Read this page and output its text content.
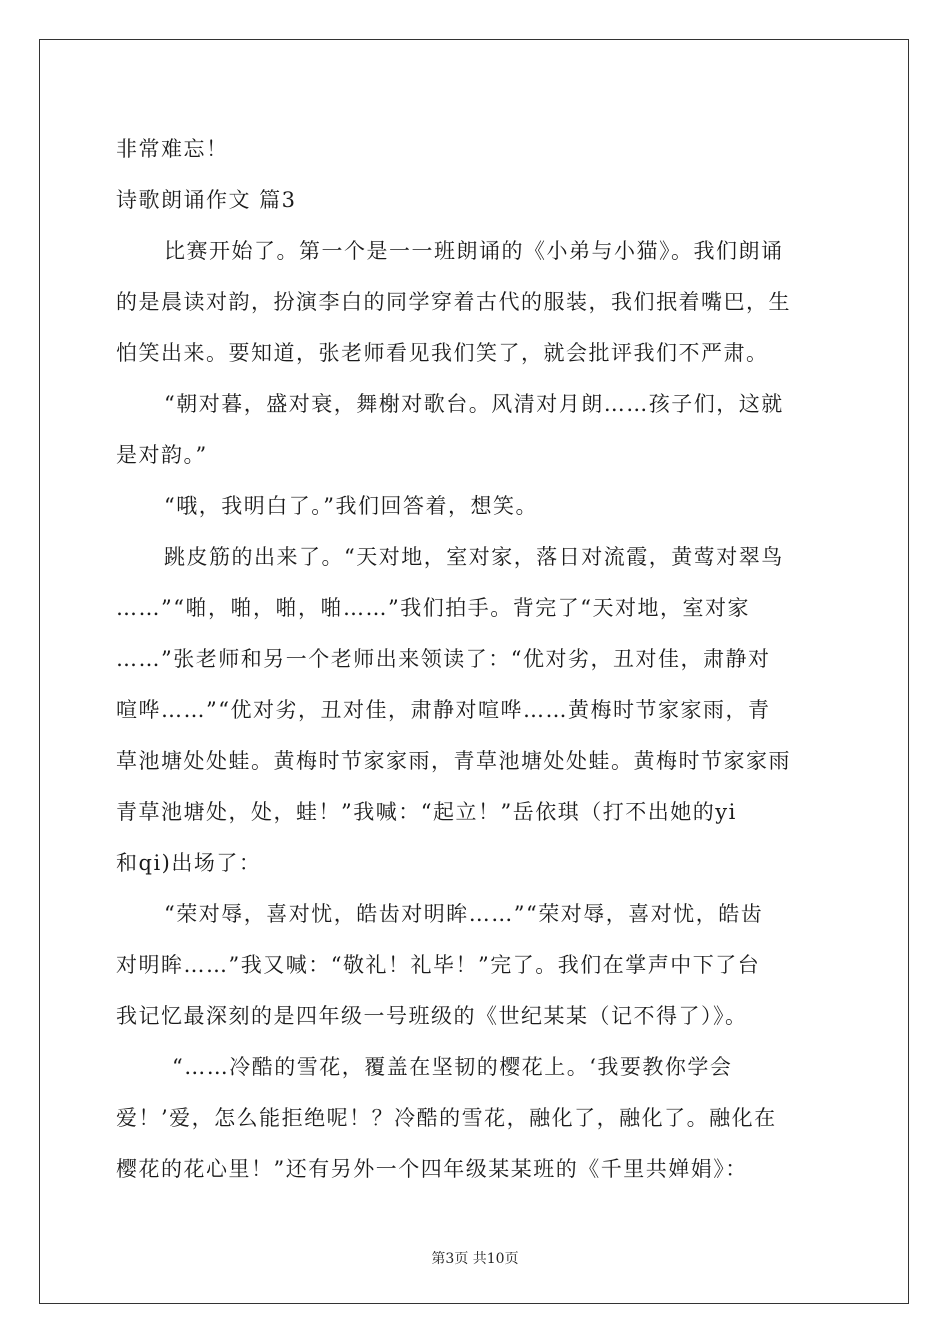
非常难忘！
诗歌朗诵作文 篇3
比赛开始了。第一个是一一班朗诵的《小弟与小猫》。我们朗诵
的是晨读对韵，扮演李白的同学穿着古代的服装，我们抿着嘴巴，生
怕笑出来。要知道，张老师看见我们笑了，就会批评我们不严肃。
“朝对暮，盛对衰，舞榭对歌台。风清对月朗……孩子们，这就
是对韵。”
“哦，我明白了。”我们回答着，想笑。
跳皮筋的出来了。“天对地，室对家，落日对流霞，黄莺对翠鸟
……”“啪，啪，啪，啪……”我们拍手。背完了“天对地，室对家
……”张老师和另一个老师出来领读了：“优对劣，丑对佳，肃静对
喧哗……”“优对劣，丑对佳，肃静对喧哗……黄梅时节家家雨，青
草池塘处处蛙。黄梅时节家家雨，青草池塘处处蛙。黄梅时节家家雨
青草池塘处，处，蛙！”我喊：“起立！”岳依琪（打不出她的yi
和qi)出场了：
“荣对辱，喜对忧，皓齿对明眸……”“荣对辱，喜对忧，皓齿
对明眸……”我又喊：“敬礼！礼毕！”完了。我们在掌声中下了台
我记忆最深刻的是四年级一号班级的《世纪某某（记不得了）》。
“……冷酷的雪花，覆盖在坚韧的樱花上。‘我要教你学会
爱！’爱，怎么能拒绝呢！？冷酷的雪花，融化了，融化了。融化在
樱花的花心里！”还有另外一个四年级某某班的《千里共婵娟》：
第3页 共10页
